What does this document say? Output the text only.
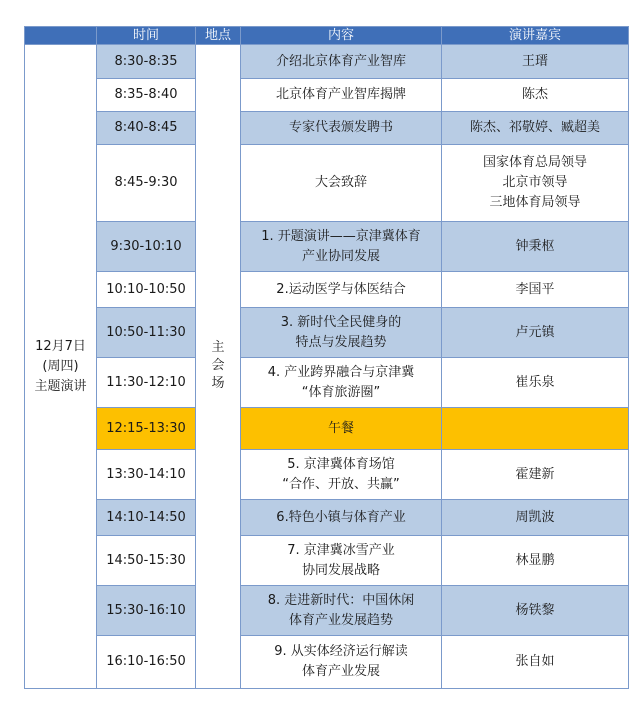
	时间	地点	内容	演讲嘉宾

12月7日
(周四)
主题演讲	8:30-8:35	主会场	介绍北京体育产业智库	王瑨
	8:35-8:40		北京体育产业智库揭牌	陈杰
	8:40-8:45		专家代表颁发聘书	陈杰、祁敬婷、臧超美
	8:45-9:30		大会致辞	国家体育总局领导
北京市领导
三地体育局领导
	9:30-10:10		1. 开题演讲——京津冀体育
产业协同发展	钟秉枢
	10:10-10:50		2.运动医学与体医结合	李国平
	10:50-11:30		3. 新时代全民健身的
特点与发展趋势	卢元镇
	11:30-12:10		4. 产业跨界融合与京津冀
“体育旅游圈”	崔乐泉
	12:15-13:30		午餐	
	13:30-14:10		5. 京津冀体育场馆
“合作、开放、共赢”	霍建新
	14:10-14:50		6.特色小镇与体育产业	周凯波
	14:50-15:30		7. 京津冀冰雪产业
协同发展战略	林显鹏
	15:30-16:10		8. 走进新时代：中国休闲
体育产业发展趋势	杨铁黎
	16:10-16:50		9. 从实体经济运行解读
体育产业发展	张自如
